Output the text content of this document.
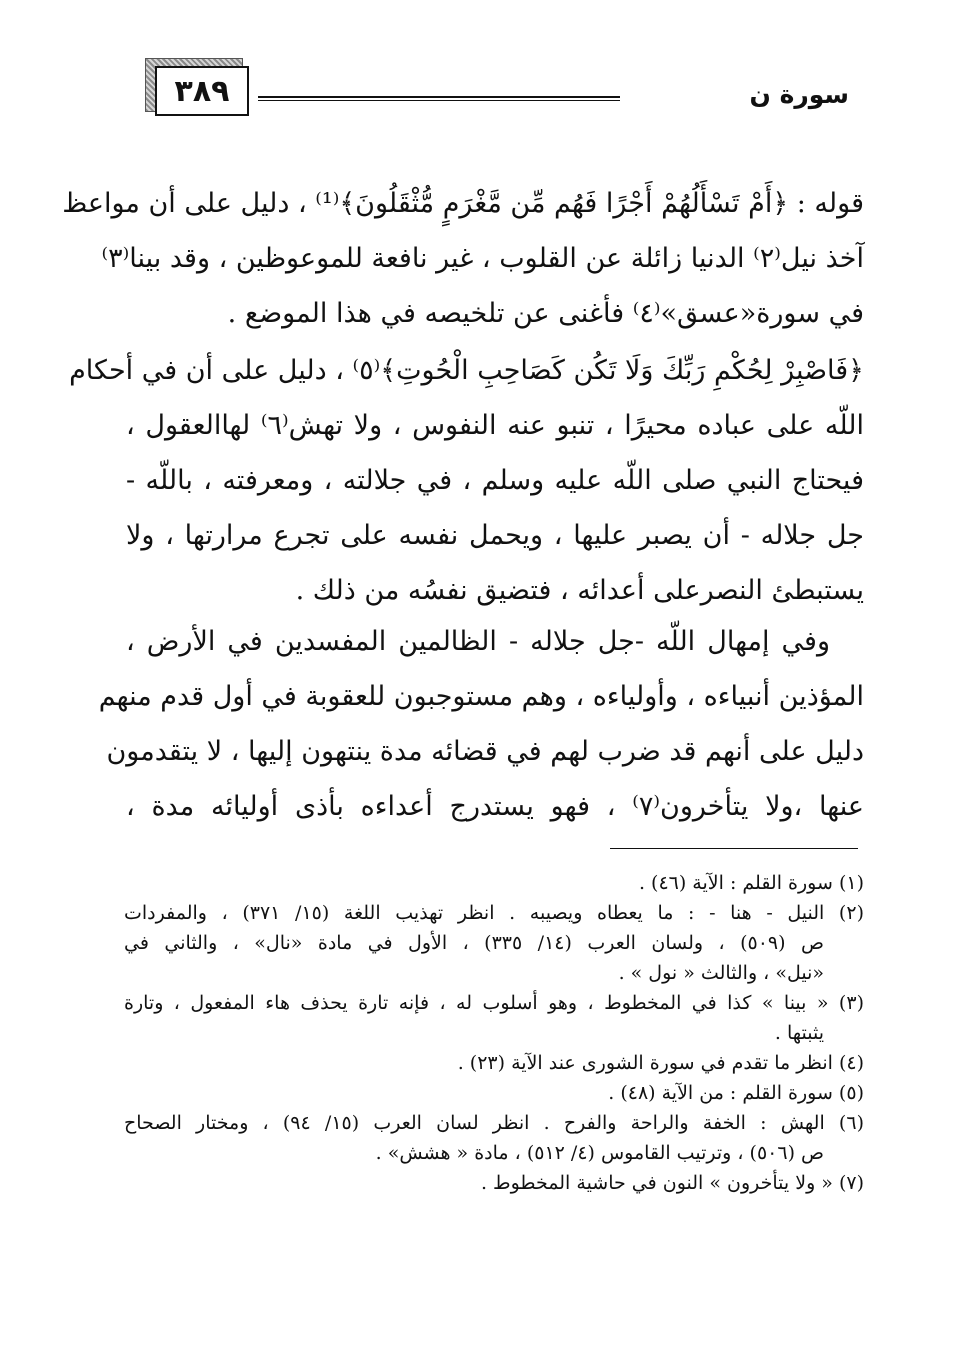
٣٨٩	سورة ن
قوله : ﴿أَمْ تَسْأَلُهُمْ أَجْرًا فَهُم مِّن مَّغْرَمٍ مُّثْقَلُونَ﴾⁽¹⁾ ، دليل على أن مواعظ
آخذ نيل⁽٢⁾ الدنيا زائلة عن القلوب ، غير نافعة للموعوظين ، وقد بينا⁽٣⁾
في سورة«عسق»⁽٤⁾ فأغنى عن تلخيصه في هذا الموضع .
﴿فَاصْبِرْ لِحُكْمِ رَبِّكَ وَلَا تَكُن كَصَاحِبِ الْحُوتِ﴾⁽٥⁾ ، دليل على أن في أحكام
اللّه على عباده محيرًا ، تنبو عنه النفوس ، ولا تهش⁽٦⁾ لهاالعقول ،
فيحتاج النبي صلى اللّه عليه وسلم ، في جلالته ، ومعرفته ، باللّه -
جل جلاله - أن يصبر عليها ، ويحمل نفسه على تجرع مرارتها ، ولا
يستبطئ النصرعلى أعدائه ، فتضيق نفسُه من ذلك .
وفي إمهال اللّه -جل جلاله - الظالمين المفسدين في الأرض ،
المؤذين أنبياءه ، وأولياءه ، وهم مستوجبون للعقوبة في أول قدم منهم
دليل على أنهم قد ضرب لهم في قضائه مدة ينتهون إليها ، لا يتقدمون
عنها ،ولا يتأخرون⁽٧⁾ ، فهو يستدرج أعداءه بأذى أوليائه مدة ،
(١) سورة القلم : الآية (٤٦) .
(٢) النيل - هنا - : ما يعطاه ويصيبه . انظر تهذيب اللغة (١٥/ ٣٧١) ، والمفردات
ص (٥٠٩) ، ولسان العرب (١٤/ ٣٣٥) ، الأول في مادة «نال» ، والثاني في
«نيل» ، والثالث « نول » .
(٣) « بينا » كذا في المخطوط ، وهو أسلوب له ، فإنه تارة يحذف هاء المفعول ، وتارة
يثبتها .
(٤) انظر ما تقدم في سورة الشورى عند الآية (٢٣) .
(٥) سورة القلم : من الآية (٤٨) .
(٦) الهش : الخفة والراحة والفرح . انظر لسان العرب (١٥/ ٩٤) ، ومختار الصحاح
ص (٥٠٦) ، وترتيب القاموس (٤/ ٥١٢) ، مادة « هشش» .
(٧) « ولا يتأخرون » النون في حاشية المخطوط .
